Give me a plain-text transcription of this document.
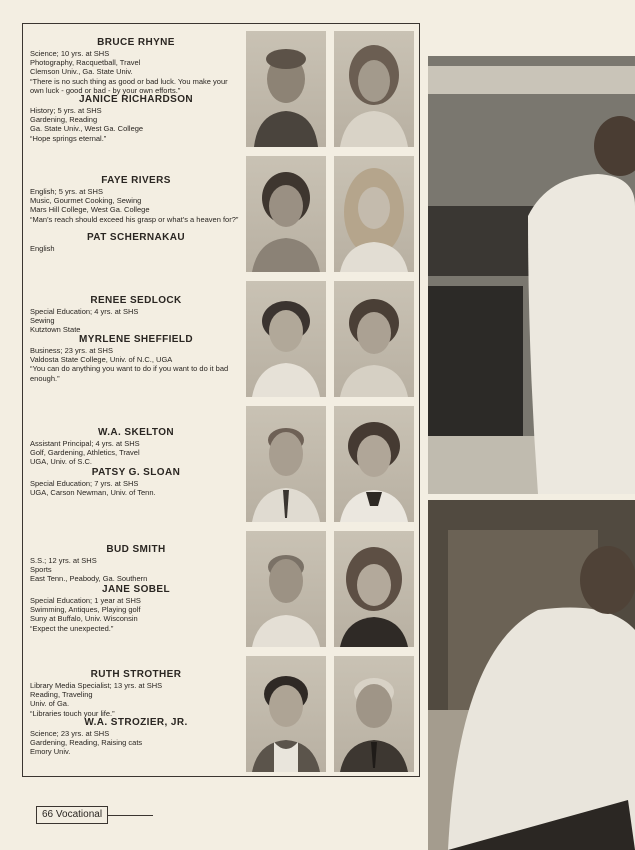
BRUCE RHYNE

Science; 10 yrs. at SHS

Photography, Racquetball, Travel

Clemson Univ., Ga. State Univ.

“There is no such thing as good or bad luck. You make your own luck - good or bad - by your own efforts.”

JANICE RICHARDSON

History; 5 yrs. at SHS

Gardening, Reading

Ga. State Univ., West Ga. College

“Hope springs eternal.”

FAYE RIVERS

English; 5 yrs. at SHS

Music, Gourmet Cooking, Sewing

Mars Hill College, West Ga. College

“Man's reach should exceed his grasp or what's a heaven for?”

PAT SCHERNAKAU

English

RENEE SEDLOCK

Special Education; 4 yrs. at SHS

Sewing

Kutztown State

MYRLENE SHEFFIELD

Business; 23 yrs. at SHS

Valdosta State College, Univ. of N.C., UGA

“You can do anything you want to do if you want to do it bad enough.”

W.A. SKELTON

Assistant Principal; 4 yrs. at SHS

Golf, Gardening, Athletics, Travel

UGA, Univ. of S.C.

PATSY G. SLOAN

Special Education; 7 yrs. at SHS

UGA, Carson Newman, Univ. of Tenn.

BUD SMITH

S.S.; 12 yrs. at SHS

Sports

East Tenn., Peabody, Ga. Southern

JANE SOBEL

Special Education; 1 year at SHS

Swimming, Antiques, Playing golf

Suny at Buffalo, Univ. Wisconsin

“Expect the unexpected.”

RUTH STROTHER

Library Media Specialist; 13 yrs. at SHS

Reading, Traveling

Univ. of Ga.

“Libraries touch your life.”

W.A. STROZIER, JR.

Science; 23 yrs. at SHS

Gardening, Reading, Raising cats

Emory Univ.

66 Vocational
